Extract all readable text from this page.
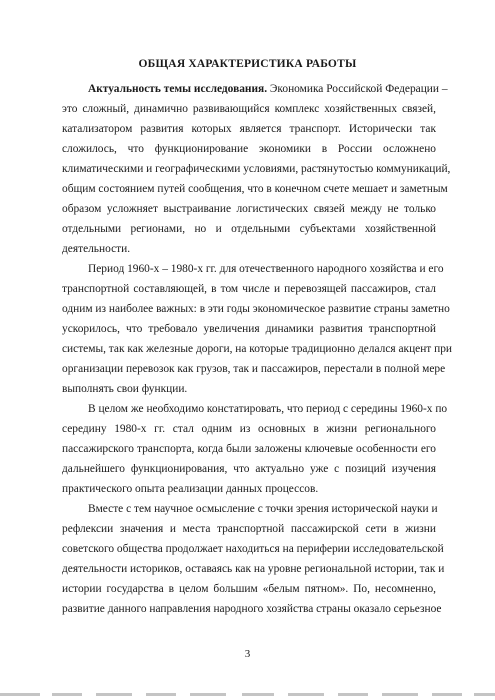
ОБЩАЯ ХАРАКТЕРИСТИКА РАБОТЫ
Актуальность темы исследования. Экономика Российской Федерации –
это сложный, динамично развивающийся комплекс хозяйственных связей,
катализатором развития которых является транспорт. Исторически так
сложилось, что функционирование экономики в России осложнено
климатическими и географическими условиями, растянутостью коммуникаций,
общим состоянием путей сообщения, что в конечном счете мешает и заметным
образом усложняет выстраивание логистических связей между не только
отдельными регионами, но и отдельными субъектами хозяйственной
деятельности.
Период 1960-х – 1980-х гг. для отечественного народного хозяйства и его
транспортной составляющей, в том числе и перевозящей пассажиров, стал
одним из наиболее важных: в эти годы экономическое развитие страны заметно
ускорилось, что требовало увеличения динамики развития транспортной
системы, так как железные дороги, на которые традиционно делался акцент при
организации перевозок как грузов, так и пассажиров, перестали в полной мере
выполнять свои функции.
В целом же необходимо констатировать, что период с середины 1960-х по
середину 1980-х гг. стал одним из основных в жизни регионального
пассажирского транспорта, когда были заложены ключевые особенности его
дальнейшего функционирования, что актуально уже с позиций изучения
практического опыта реализации данных процессов.
Вместе с тем научное осмысление с точки зрения исторической науки и
рефлексии значения и места транспортной пассажирской сети в жизни
советского общества продолжает находиться на периферии исследовательской
деятельности историков, оставаясь как на уровне региональной истории, так и
истории государства в целом большим «белым пятном». По, несомненно,
развитие данного направления народного хозяйства страны оказало серьезное
3
